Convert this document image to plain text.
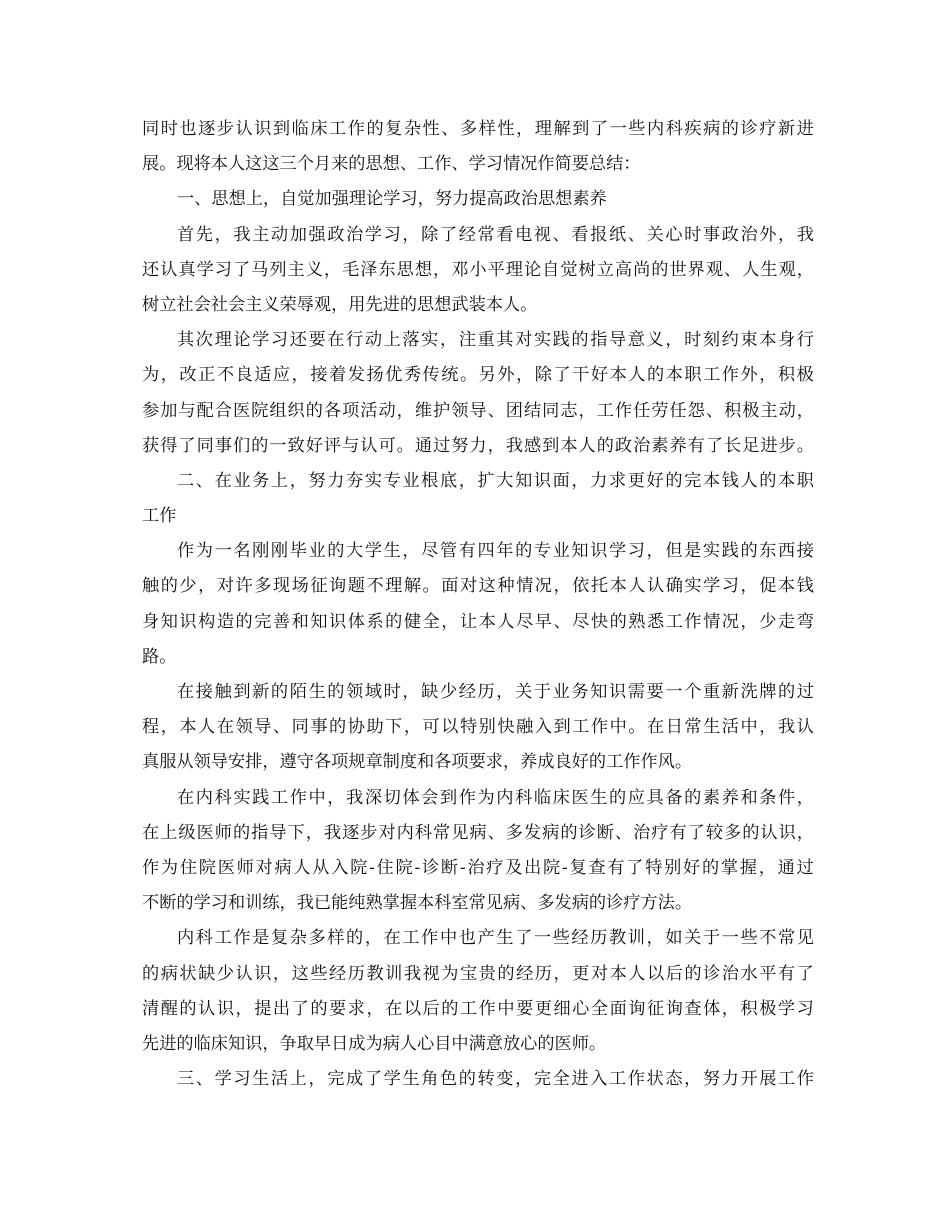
同 时 也 逐 步 认 识 到 临 床 工 作 的 复 杂 性 、 多 样 性 ， 理 解 到 了 一 些 内 科 疾 病 的 诊 疗 新 进
展。现将本人这这三个月来的思想、工作、学习情况作简要总结：
一、思想上，自觉加强理论学习，努力提高政治思想素养
首 先 ， 我 主 动 加 强 政 治 学 习 ， 除 了 经 常 看 电 视 、 看 报 纸 、 关 心 时 事 政 治 外 ， 我
还 认 真 学 习 了 马 列 主 义 ， 毛 泽 东 思 想 ， 邓 小 平 理 论 自 觉 树 立 高 尚 的 世 界 观 、 人 生 观 ，
树立社会社会主义荣辱观，用先进的思想武装本人。
其 次 理 论 学 习 还 要 在 行 动 上 落 实 ， 注 重 其 对 实 践 的 指 导 意 义 ， 时 刻 约 束 本 身 行
为 ， 改 正 不 良 适 应 ， 接 着 发 扬 优 秀 传 统 。 另 外 ， 除 了 干 好 本 人 的 本 职 工 作 外 ， 积 极
参 加 与 配 合 医 院 组 织 的 各 项 活 动 ， 维 护 领 导 、 团 结 同 志 ， 工 作 任 劳 任 怨 、 积 极 主 动 ，
获 得 了 同 事 们 的 一 致 好 评 与 认 可 。 通 过 努 力 ， 我 感 到 本 人 的 政 治 素 养 有 了 长 足 进 步 。
二 、 在 业 务 上 ， 努 力 夯 实 专 业 根 底 ， 扩 大 知 识 面 ， 力 求 更 好 的 完 本 钱 人 的 本 职
工作
作 为 一 名 刚 刚 毕 业 的 大 学 生 ， 尽 管 有 四 年 的 专 业 知 识 学 习 ， 但 是 实 践 的 东 西 接
触 的 少 ， 对 许 多 现 场 征 询 题 不 理 解 。 面 对 这 种 情 况 ， 依 托 本 人 认 确 实 学 习 ， 促 本 钱
身 知 识 构 造 的 完 善 和 知 识 体 系 的 健 全 ， 让 本 人 尽 早 、 尽 快 的 熟 悉 工 作 情 况 ， 少 走 弯
路。
在 接 触 到 新 的 陌 生 的 领 域 时 ， 缺 少 经 历 ， 关 于 业 务 知 识 需 要 一 个 重 新 洗 牌 的 过
程 ， 本 人 在 领 导 、 同 事 的 协 助 下 ， 可 以 特 别 快 融 入 到 工 作 中 。 在 日 常 生 活 中 ， 我 认
真服从领导安排，遵守各项规章制度和各项要求，养成良好的工作作风。
在 内 科 实 践 工 作 中 ， 我 深 切 体 会 到 作 为 内 科 临 床 医 生 的 应 具 备 的 素 养 和 条 件 ，
在 上 级 医 师 的 指 导 下 ， 我 逐 步 对 内 科 常 见 病 、 多 发 病 的 诊 断 、 治 疗 有 了 较 多 的 认 识 ，
作 为 住 院 医 师 对 病 人 从 入 院 - 住 院 - 诊 断 - 治 疗 及 出 院 - 复 查 有 了 特 别 好 的 掌 握 ， 通 过
不断的学习和训练，我已能纯熟掌握本科室常见病、多发病的诊疗方法。
内 科 工 作 是 复 杂 多 样 的 ， 在 工 作 中 也 产 生 了 一 些 经 历 教 训 ， 如 关 于 一 些 不 常 见
的 病 状 缺 少 认 识 ， 这 些 经 历 教 训 我 视 为 宝 贵 的 经 历 ， 更 对 本 人 以 后 的 诊 治 水 平 有 了
清 醒 的 认 识 ， 提 出 了 的 要 求 ， 在 以 后 的 工 作 中 要 更 细 心 全 面 询 征 询 查 体 ， 积 极 学 习
先进的临床知识，争取早日成为病人心目中满意放心的医师。
三 、 学 习 生 活 上 ， 完 成 了 学 生 角 色 的 转 变 ， 完 全 进 入 工 作 状 态 ， 努 力 开 展 工 作
